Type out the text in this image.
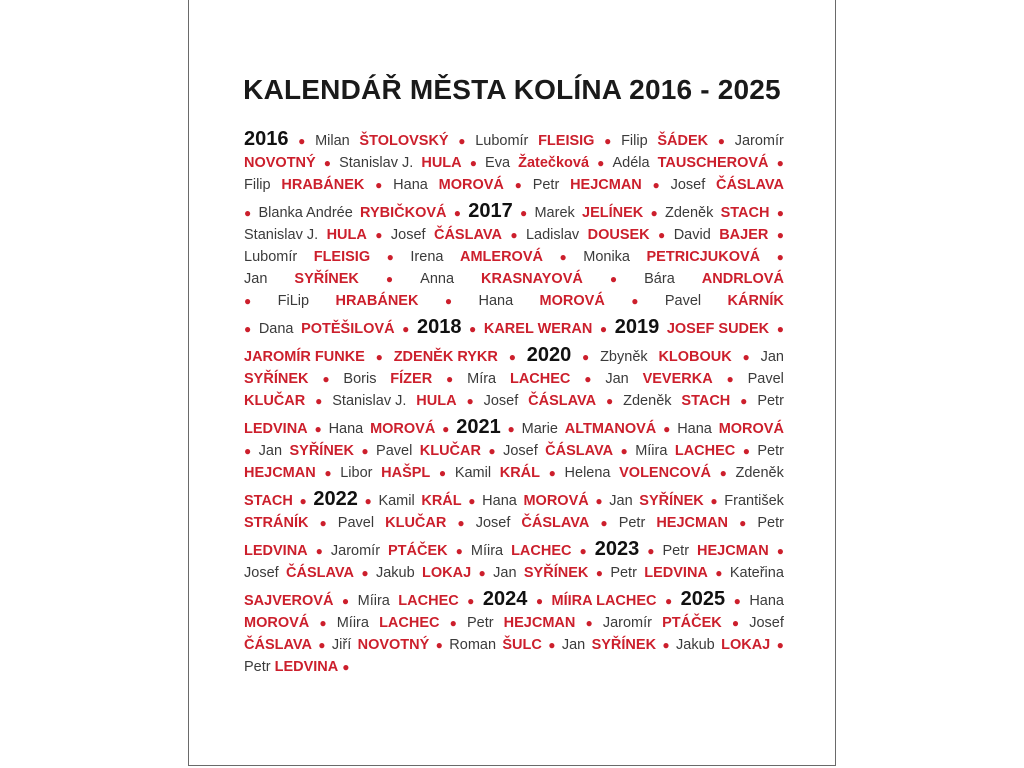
KALENDÁŘ MĚSTA KOLÍNA 2016 - 2025
2016 ● Milan ŠTOLOVSKÝ ● Lubomír FLEISIG ● Filip ŠÁDEK ● Jaromír
NOVOTNÝ ● Stanislav J. HULA ● Eva Žatečková ● Adéla TAUSCHEROVÁ ●
Filip HRABÁNEK ● Hana MOROVÁ ● Petr HEJCMAN ● Josef ČÁSLAVA
● Blanka Andrée RYBIČKOVÁ ● 2017 ● Marek JELÍNEK ● Zdeněk STACH ●
Stanislav J. HULA ● Josef ČÁSLAVA ● Ladislav DOUSEK ● David BAJER ●
Lubomír FLEISIG ● Irena AMLEROVÁ ● Monika PETRICJUKOVÁ ●
Jan SYŘÍNEK ● Anna KRASNAYOVÁ ● Bára ANDRLOVÁ
● FiLip HRABÁNEK ● Hana MOROVÁ ● Pavel KÁRNÍK
● Dana POTĚŠILOVÁ ● 2018 ● KAREL WERAN ● 2019 JOSEF SUDEK ●
JAROMÍR FUNKE ● ZDENĚK RYKR ● 2020 ● Zbyněk KLOBOUK ● Jan
SYŘÍNEK ● Boris FÍZER ● Míra LACHEC ● Jan VEVERKA ● Pavel
KLUČAR ● Stanislav J. HULA ● Josef ČÁSLAVA ● Zdeněk STACH ● Petr
LEDVINA ● Hana MOROVÁ ● 2021 ● Marie ALTMANOVÁ ● Hana MOROVÁ
● Jan SYŘÍNEK ● Pavel KLUČAR ● Josef ČÁSLAVA ● Míira LACHEC ● Petr
HEJCMAN ● Libor HAŠPL ● Kamil KRÁL ● Helena VOLENCOVÁ ● Zdeněk
STACH ● 2022 ● Kamil KRÁL ● Hana MOROVÁ ● Jan SYŘÍNEK ● František
STRÁNÍK ● Pavel KLUČAR ● Josef ČÁSLAVA ● Petr HEJCMAN ● Petr
LEDVINA ● Jaromír PTÁČEK ● Míira LACHEC ● 2023 ● Petr HEJCMAN ●
Josef ČÁSLAVA ● Jakub LOKAJ ● Jan SYŘÍNEK ● Petr LEDVINA ● Kateřina
SAJVEROVÁ ● Míira LACHEC ● 2024 ● MÍIRA LACHEC ● 2025 ● Hana
MOROVÁ ● Míira LACHEC ● Petr HEJCMAN ● Jaromír PTÁČEK ● Josef
ČÁSLAVA ● Jiří NOVOTNÝ ● Roman ŠULC ● Jan SYŘÍNEK ● Jakub LOKAJ ●
Petr LEDVINA ●
